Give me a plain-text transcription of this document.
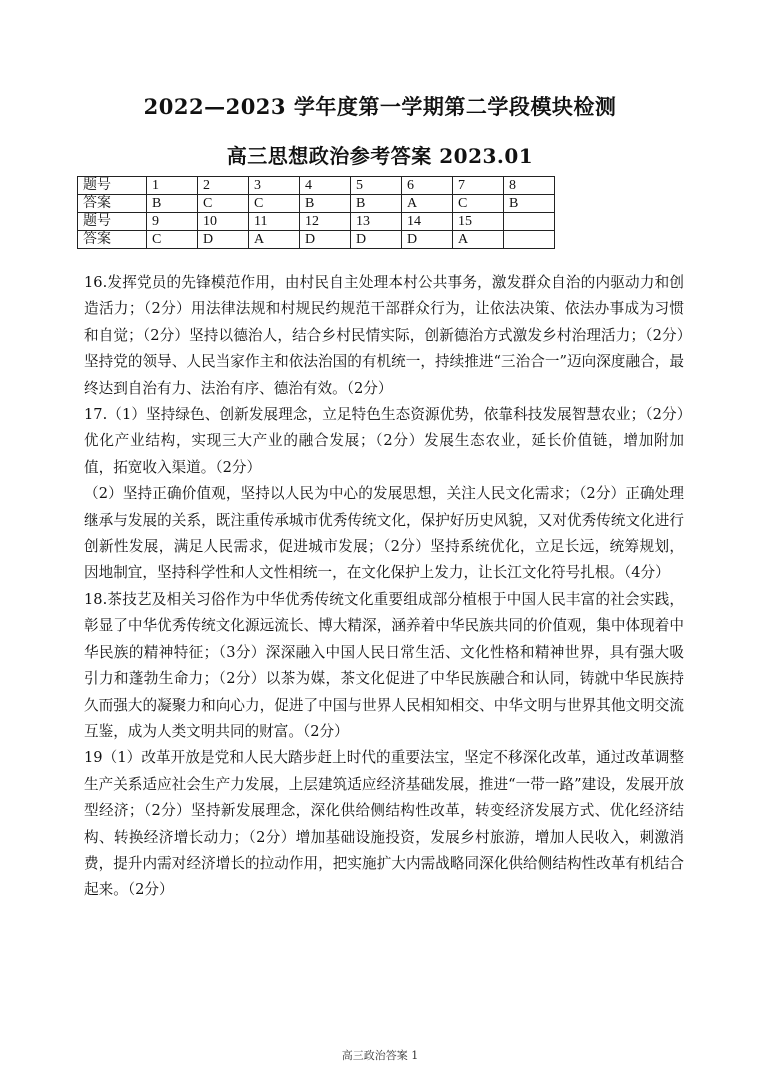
2022—2023 学年度第一学期第二学段模块检测
高三思想政治参考答案 2023.01
题号	1	2	3	4	5	6	7	8
答案	B	C	C	B	B	A	C	B
题号	9	10	11	12	13	14	15	
答案	C	D	A	D	D	D	A	

16.发挥党员的先锋模范作用，由村民自主处理本村公共事务，激发群众自治的内驱动力和创造活力；（2分）用法律法规和村规民约规范干部群众行为，让依法决策、依法办事成为习惯和自觉；（2分）坚持以德治人，结合乡村民情实际，创新德治方式激发乡村治理活力；（2分）坚持党的领导、人民当家作主和依法治国的有机统一，持续推进“三治合一”迈向深度融合，最终达到自治有力、法治有序、德治有效。（2分）

17.（1）坚持绿色、创新发展理念，立足特色生态资源优势，依靠科技发展智慧农业；（2分）优化产业结构，实现三大产业的融合发展；（2分）发展生态农业，延长价值链，增加附加值，拓宽收入渠道。（2分）

（2）坚持正确价值观，坚持以人民为中心的发展思想，关注人民文化需求；（2分）正确处理继承与发展的关系，既注重传承城市优秀传统文化，保护好历史风貌，又对优秀传统文化进行创新性发展，满足人民需求，促进城市发展；（2分）坚持系统优化，立足长远，统筹规划，因地制宜，坚持科学性和人文性相统一，在文化保护上发力，让长江文化符号扎根。（4分）

18.茶技艺及相关习俗作为中华优秀传统文化重要组成部分植根于中国人民丰富的社会实践，彰显了中华优秀传统文化源远流长、博大精深，涵养着中华民族共同的价值观，集中体现着中华民族的精神特征；（3分）深深融入中国人民日常生活、文化性格和精神世界，具有强大吸引力和蓬勃生命力；（2分）以茶为媒，茶文化促进了中华民族融合和认同，铸就中华民族持久而强大的凝聚力和向心力，促进了中国与世界人民相知相交、中华文明与世界其他文明交流互鉴，成为人类文明共同的财富。（2分）

19（1）改革开放是党和人民大踏步赶上时代的重要法宝，坚定不移深化改革，通过改革调整生产关系适应社会生产力发展，上层建筑适应经济基础发展，推进“一带一路”建设，发展开放型经济；（2分）坚持新发展理念，深化供给侧结构性改革，转变经济发展方式、优化经济结构、转换经济增长动力；（2分）增加基础设施投资，发展乡村旅游，增加人民收入，刺激消费，提升内需对经济增长的拉动作用，把实施扩大内需战略同深化供给侧结构性改革有机结合起来。（2分）

高三政治答案 1
